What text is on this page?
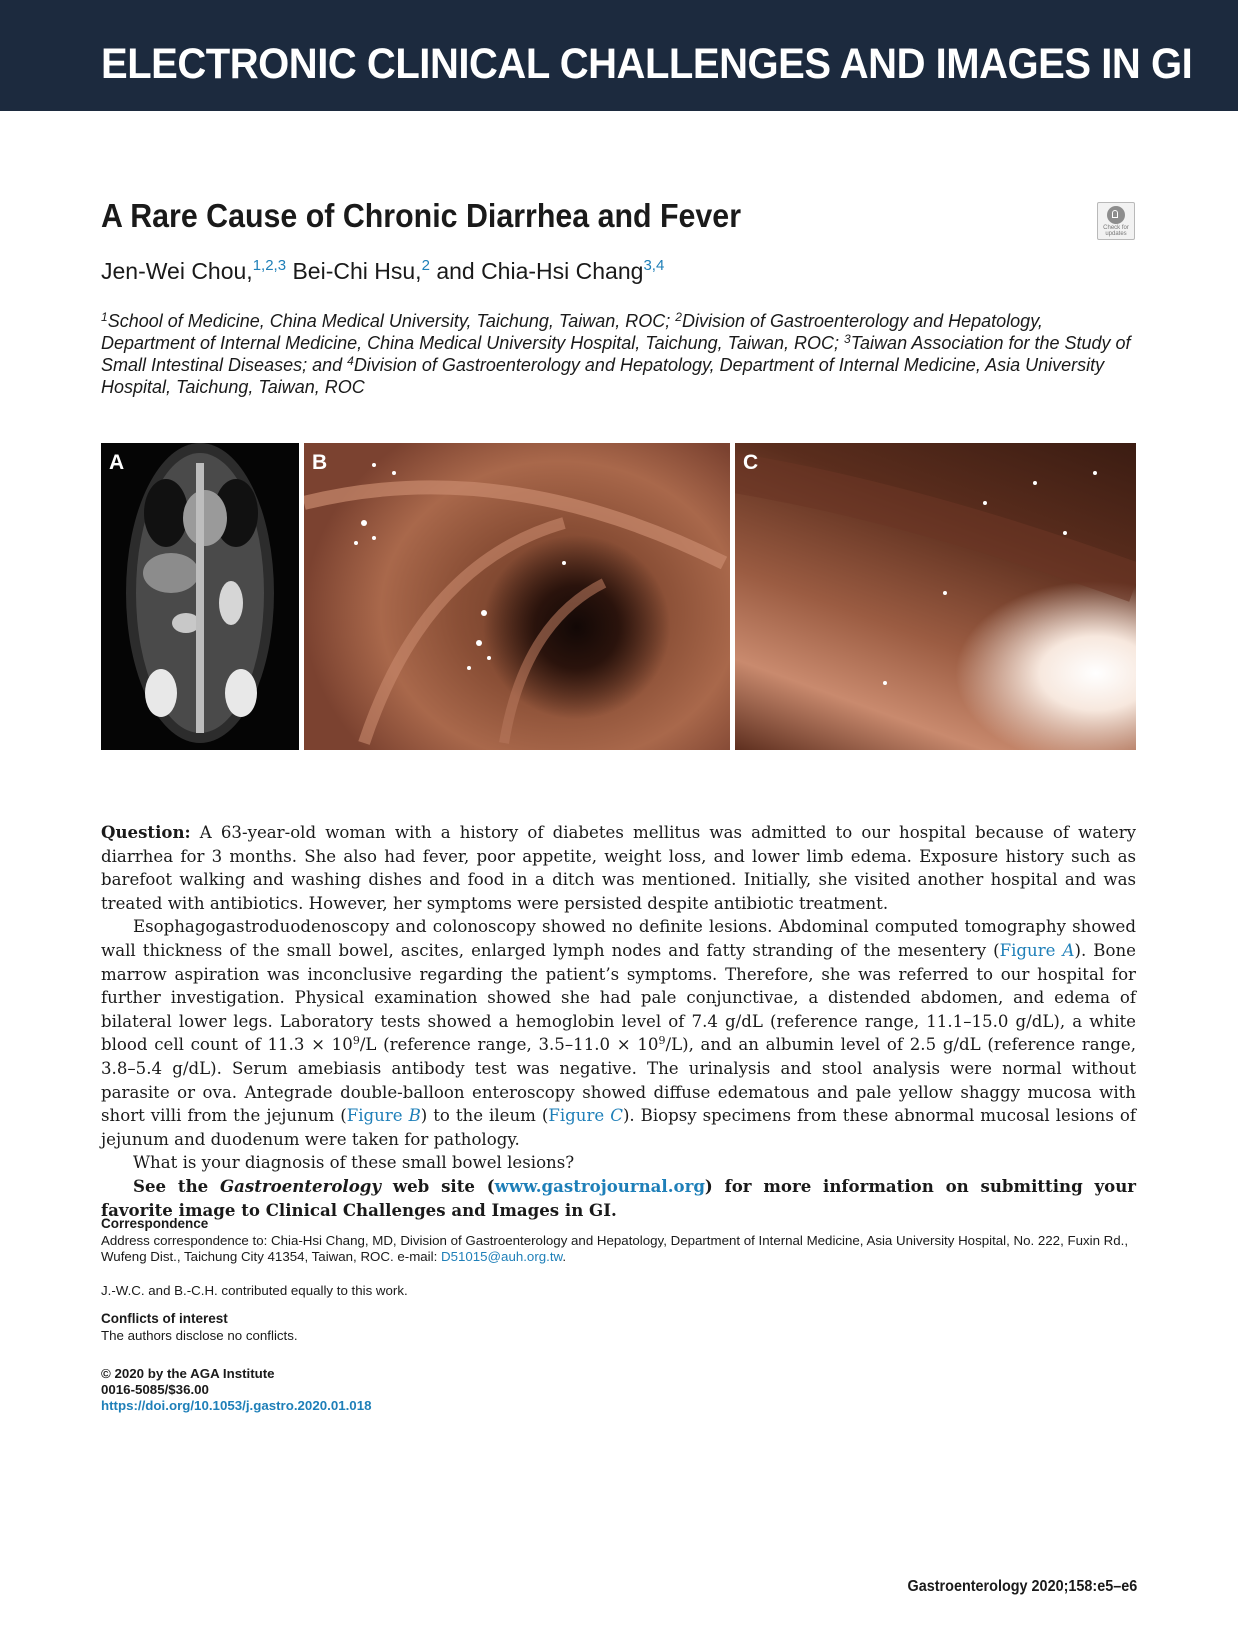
ELECTRONIC CLINICAL CHALLENGES AND IMAGES IN GI
A Rare Cause of Chronic Diarrhea and Fever	Check for
updates
Jen-Wei Chou,$^{1,2,3}$ Bei-Chi Hsu,$^2$ and Chia-Hsi Chang$^{3,4}$
$^1$School of Medicine, China Medical University, Taichung, Taiwan, ROC; $^2$Division of Gastroenterology and Hepatology, Department of Internal Medicine, China Medical University Hospital, Taichung, Taiwan, ROC; $^3$Taiwan Association for the Study of Small Intestinal Diseases; and $^4$Division of Gastroenterology and Hepatology, Department of Internal Medicine, Asia University Hospital, Taichung, Taiwan, ROC
A	B	C

Question: A 63-year-old woman with a history of diabetes mellitus was admitted to our hospital because of watery diarrhea for 3 months. She also had fever, poor appetite, weight loss, and lower limb edema. Exposure history such as barefoot walking and washing dishes and food in a ditch was mentioned. Initially, she visited another hospital and was treated with antibiotics. However, her symptoms were persisted despite antibiotic treatment.

Esophagogastroduodenoscopy and colonoscopy showed no definite lesions. Abdominal computed tomography showed wall thickness of the small bowel, ascites, enlarged lymph nodes and fatty stranding of the mesentery (Figure A). Bone marrow aspiration was inconclusive regarding the patient’s symptoms. Therefore, she was referred to our hospital for further investigation. Physical examination showed she had pale conjunctivae, a distended abdomen, and edema of bilateral lower legs. Laboratory tests showed a hemoglobin level of 7.4 g/dL (reference range, 11.1–15.0 g/dL), a white blood cell count of $11.3 \times 10^9/L$ (reference range, $3.5-11.0 \times 10^9/L$), and an albumin level of 2.5 g/dL (reference range, 3.8–5.4 g/dL). Serum amebiasis antibody test was negative. The urinalysis and stool analysis were normal without parasite or ova. Antegrade double-balloon enteroscopy showed diffuse edematous and pale yellow shaggy mucosa with short villi from the jejunum (Figure B) to the ileum (Figure C). Biopsy specimens from these abnormal mucosal lesions of jejunum and duodenum were taken for pathology.

What is your diagnosis of these small bowel lesions?

See the Gastroenterology web site (www.gastrojournal.org) for more information on submitting your favorite image to Clinical Challenges and Images in GI.

Correspondence
Address correspondence to: Chia-Hsi Chang, MD, Division of Gastroenterology and Hepatology, Department of Internal Medicine, Asia University Hospital, No. 222, Fuxin Rd., Wufeng Dist., Taichung City 41354, Taiwan, ROC. e-mail: D51015@auh.org.tw.
J.-W.C. and B.-C.H. contributed equally to this work.
Conflicts of interest
The authors disclose no conflicts.
© 2020 by the AGA Institute
0016-5085/$36.00
https://doi.org/10.1053/j.gastro.2020.01.018
Gastroenterology 2020;158:e5–e6
